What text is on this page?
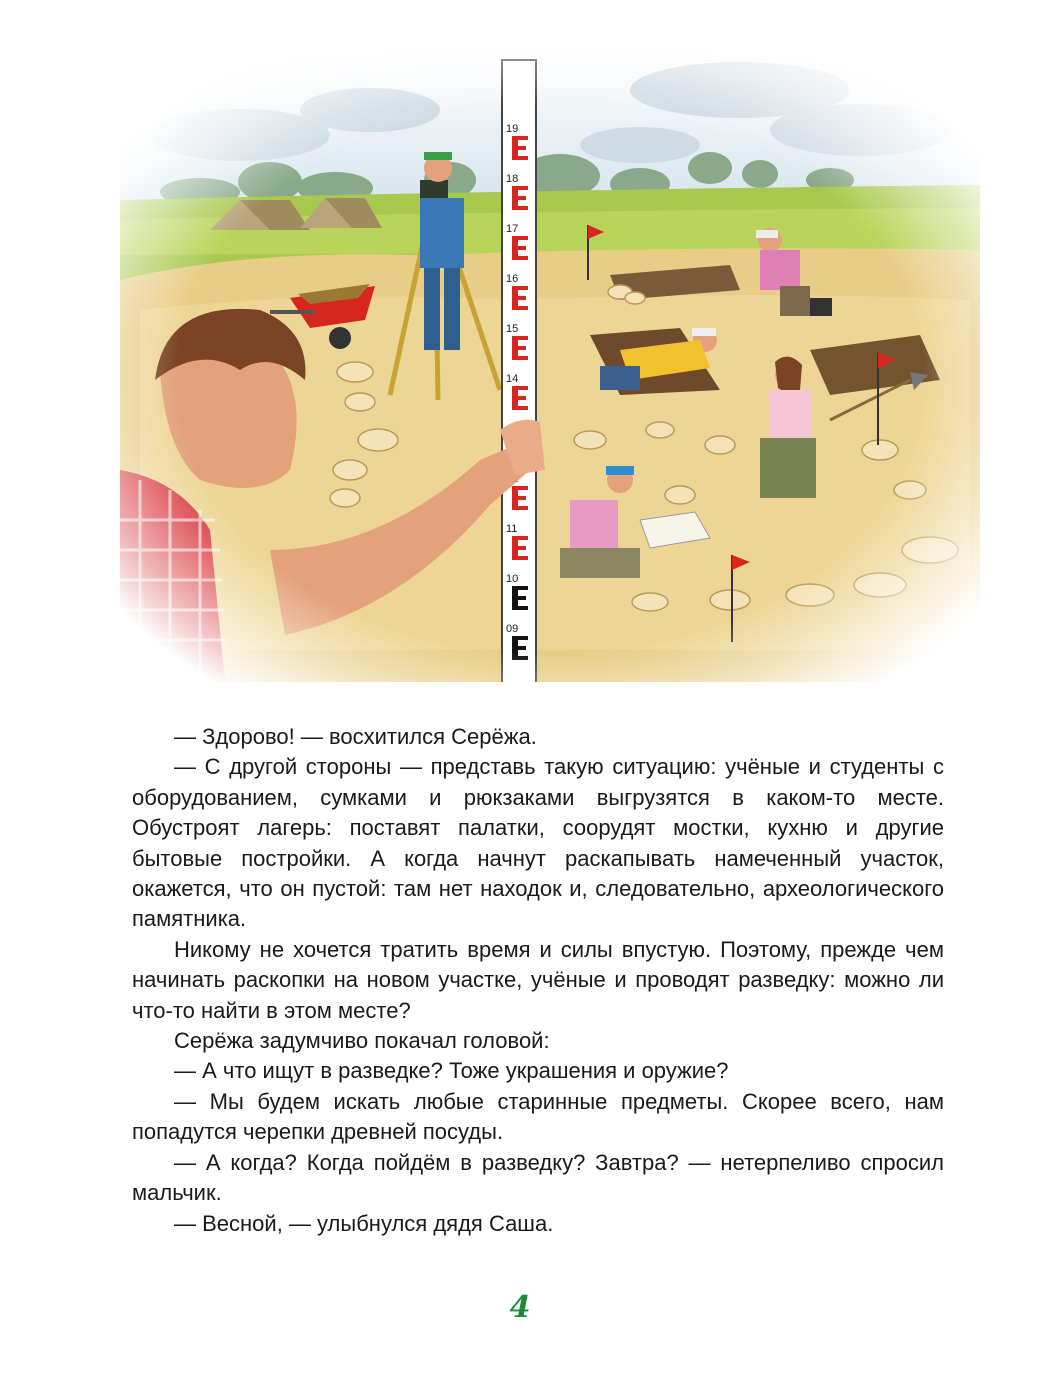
— Здорово! — восхитился Серёжа.

— С другой стороны — представь такую ситуацию: учёные и студенты с оборудованием, сумками и рюкзаками выгрузятся в каком-то месте. Обустроят лагерь: поставят палатки, соорудят мостки, кухню и другие бытовые постройки. А когда начнут раскапывать намеченный участок, окажется, что он пустой: там нет находок и, следовательно, археологического памятника.

Никому не хочется тратить время и силы впустую. Поэтому, прежде чем начинать раскопки на новом участке, учёные и проводят разведку: можно ли что-то найти в этом месте?

Серёжа задумчиво покачал головой:

— А что ищут в разведке? Тоже украшения и оружие?

— Мы будем искать любые старинные предметы. Скорее всего, нам попадутся черепки древней посуды.

— А когда? Когда пойдём в разведку? Завтра? — нетерпеливо спросил мальчик.

— Весной, — улыбнулся дядя Саша.

4
